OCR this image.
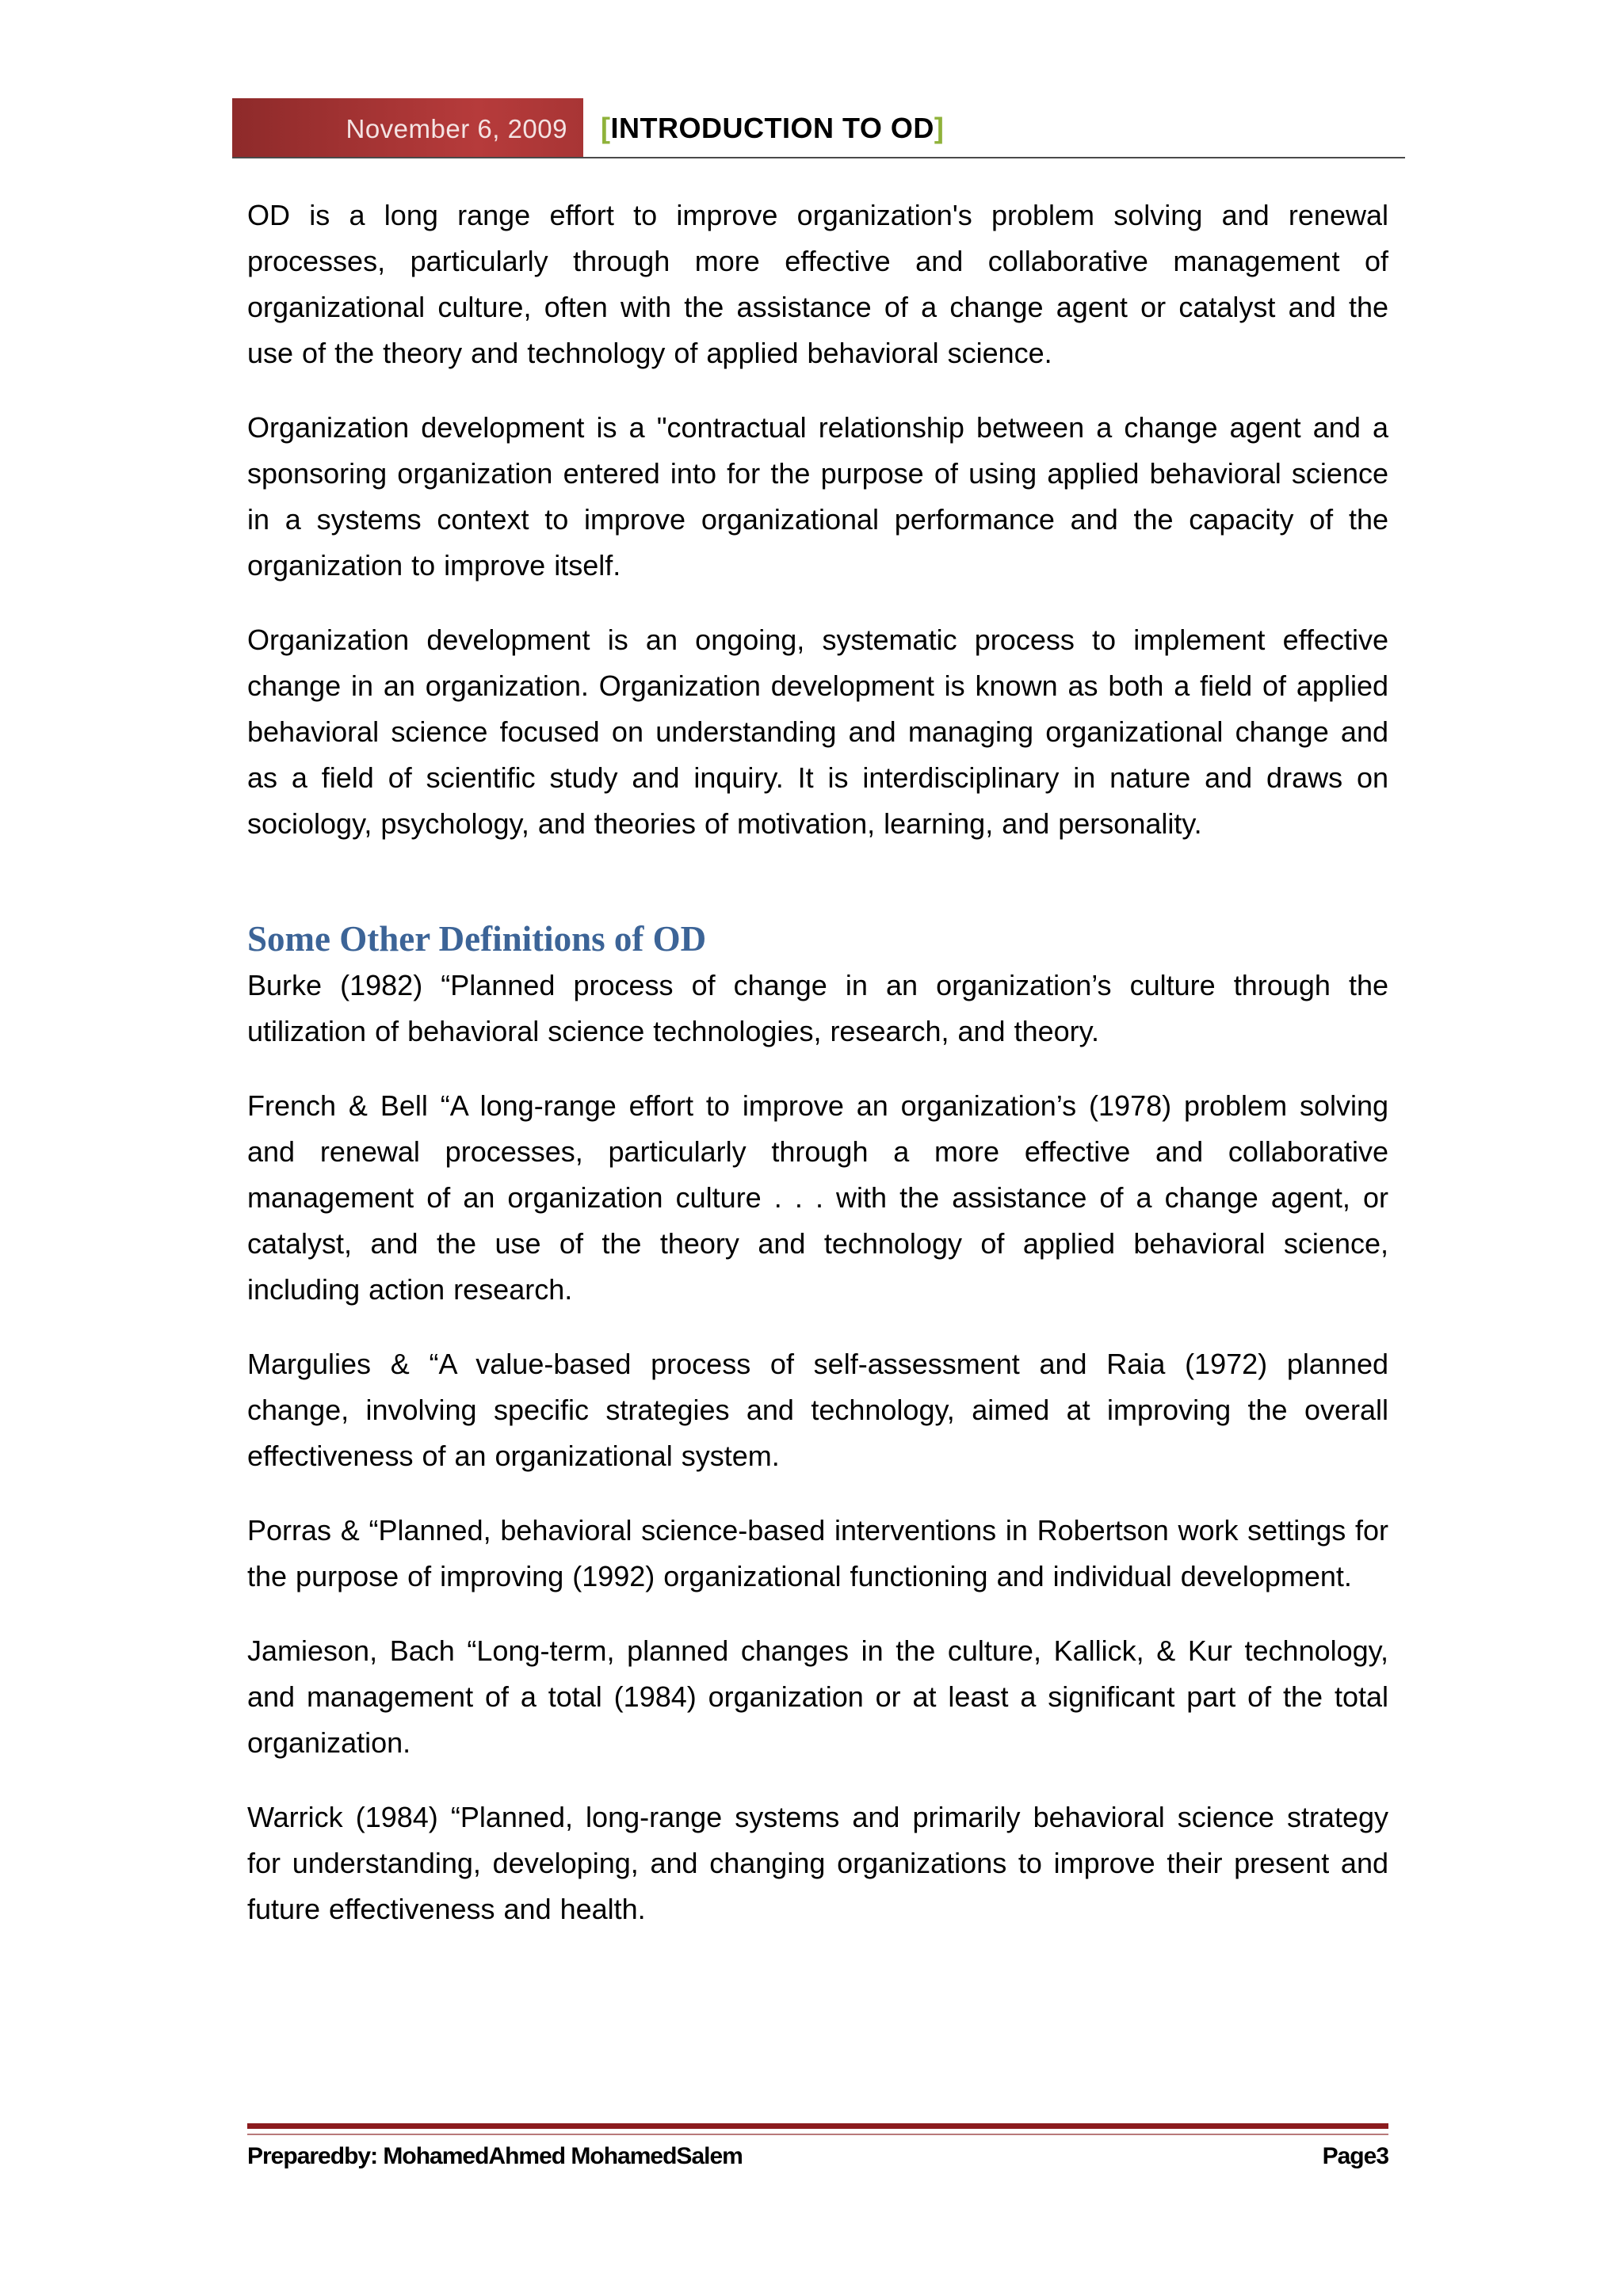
November 6, 2009 [INTRODUCTION TO OD]

OD is a long range effort to improve organization's problem solving and renewal processes, particularly through more effective and collaborative management of organizational culture, often with the assistance of a change agent or catalyst and the use of the theory and technology of applied behavioral science.

Organization development is a "contractual relationship between a change agent and a sponsoring organization entered into for the purpose of using applied behavioral science in a systems context to improve organizational performance and the capacity of the organization to improve itself.

Organization development is an ongoing, systematic process to implement effective change in an organization. Organization development is known as both a field of applied behavioral science focused on understanding and managing organizational change and as a field of scientific study and inquiry. It is interdisciplinary in nature and draws on sociology, psychology, and theories of motivation, learning, and personality.

Some Other Definitions of OD

Burke (1982) “Planned process of change in an organization’s culture through the utilization of behavioral science technologies, research, and theory.

French & Bell “A long-range effort to improve an organization’s (1978) problem solving and renewal processes, particularly through a more effective and collaborative management of an organization culture . . . with the assistance of a change agent, or catalyst, and the use of the theory and technology of applied behavioral science, including action research.

Margulies & “A value-based process of self-assessment and Raia (1972) planned change, involving specific strategies and technology, aimed at improving the overall effectiveness of an organizational system.

Porras & “Planned, behavioral science-based interventions in Robertson work settings for the purpose of improving (1992) organizational functioning and individual development.

Jamieson, Bach “Long-term, planned changes in the culture, Kallick, & Kur technology, and management of a total (1984) organization or at least a significant part of the total organization.

Warrick (1984) “Planned, long-range systems and primarily behavioral science strategy for understanding, developing, and changing organizations to improve their present and future effectiveness and health.

Preparedby: MohamedAhmed MohamedSalem	Page3
